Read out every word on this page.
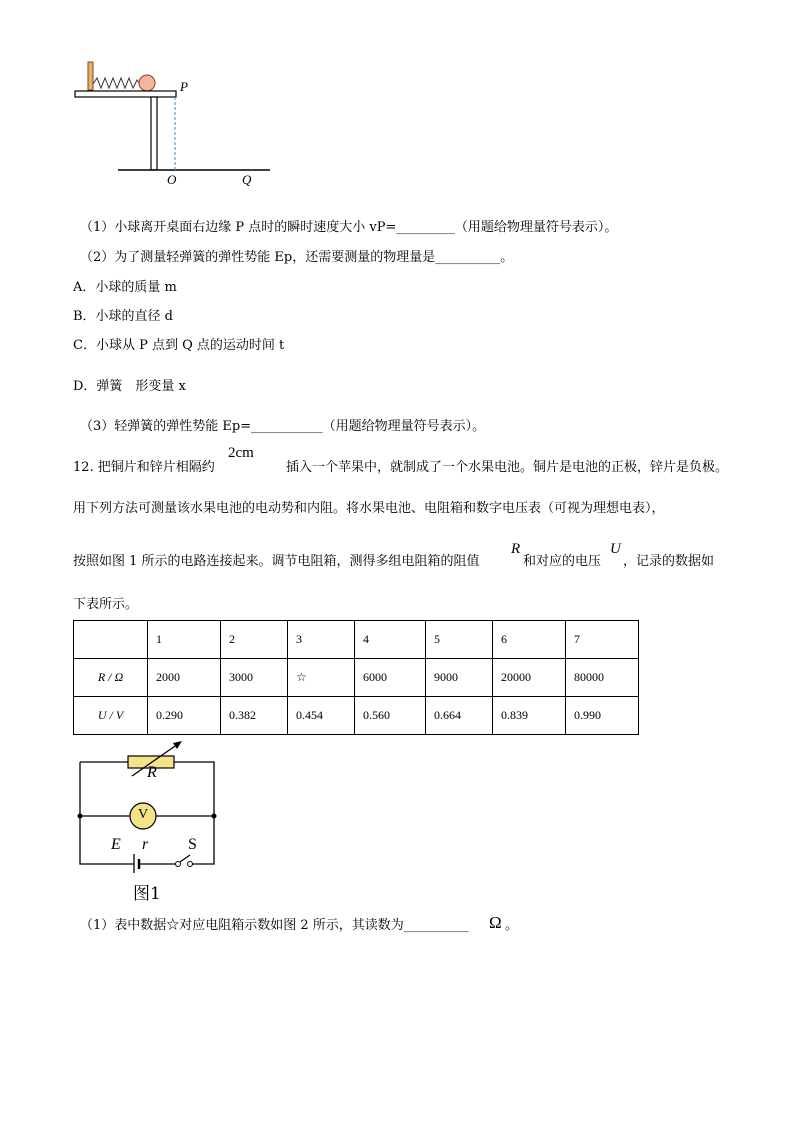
P
O	Q
（1）小球离开桌面右边缘 P 点时的瞬时速度大小 vP=_________（用题给物理量符号表示）。
（2）为了测量轻弹簧的弹性势能 Ep，还需要测量的物理量是__________。
A．小球的质量 m
B．小球的直径 d
C．小球从 P 点到 Q 点的运动时间 t
D．弹簧　形变量 x
（3）轻弹簧的弹性势能 Ep=___________（用题给物理量符号表示）。
12. 把铜片和锌片相隔约
2cm
插入一个苹果中，就制成了一个水果电池。铜片是电池的正极，锌片是负极。
用下列方法可测量该水果电池的电动势和内阻。将水果电池、电阻箱和数字电压表（可视为理想电表），
按照如图 1 所示的电路连接起来。调节电阻箱，测得多组电阻箱的阻值
R
和对应的电压
U
，记录的数据如
下表所示。
	1	2	3	4	5	6	7
R / Ω	2000	3000	☆	6000	9000	20000	80000
U / V	0.290	0.382	0.454	0.560	0.664	0.839	0.990
R
V
E r S
图1
（1）表中数据☆对应电阻箱示数如图 2 所示，其读数为__________ Ω 。
